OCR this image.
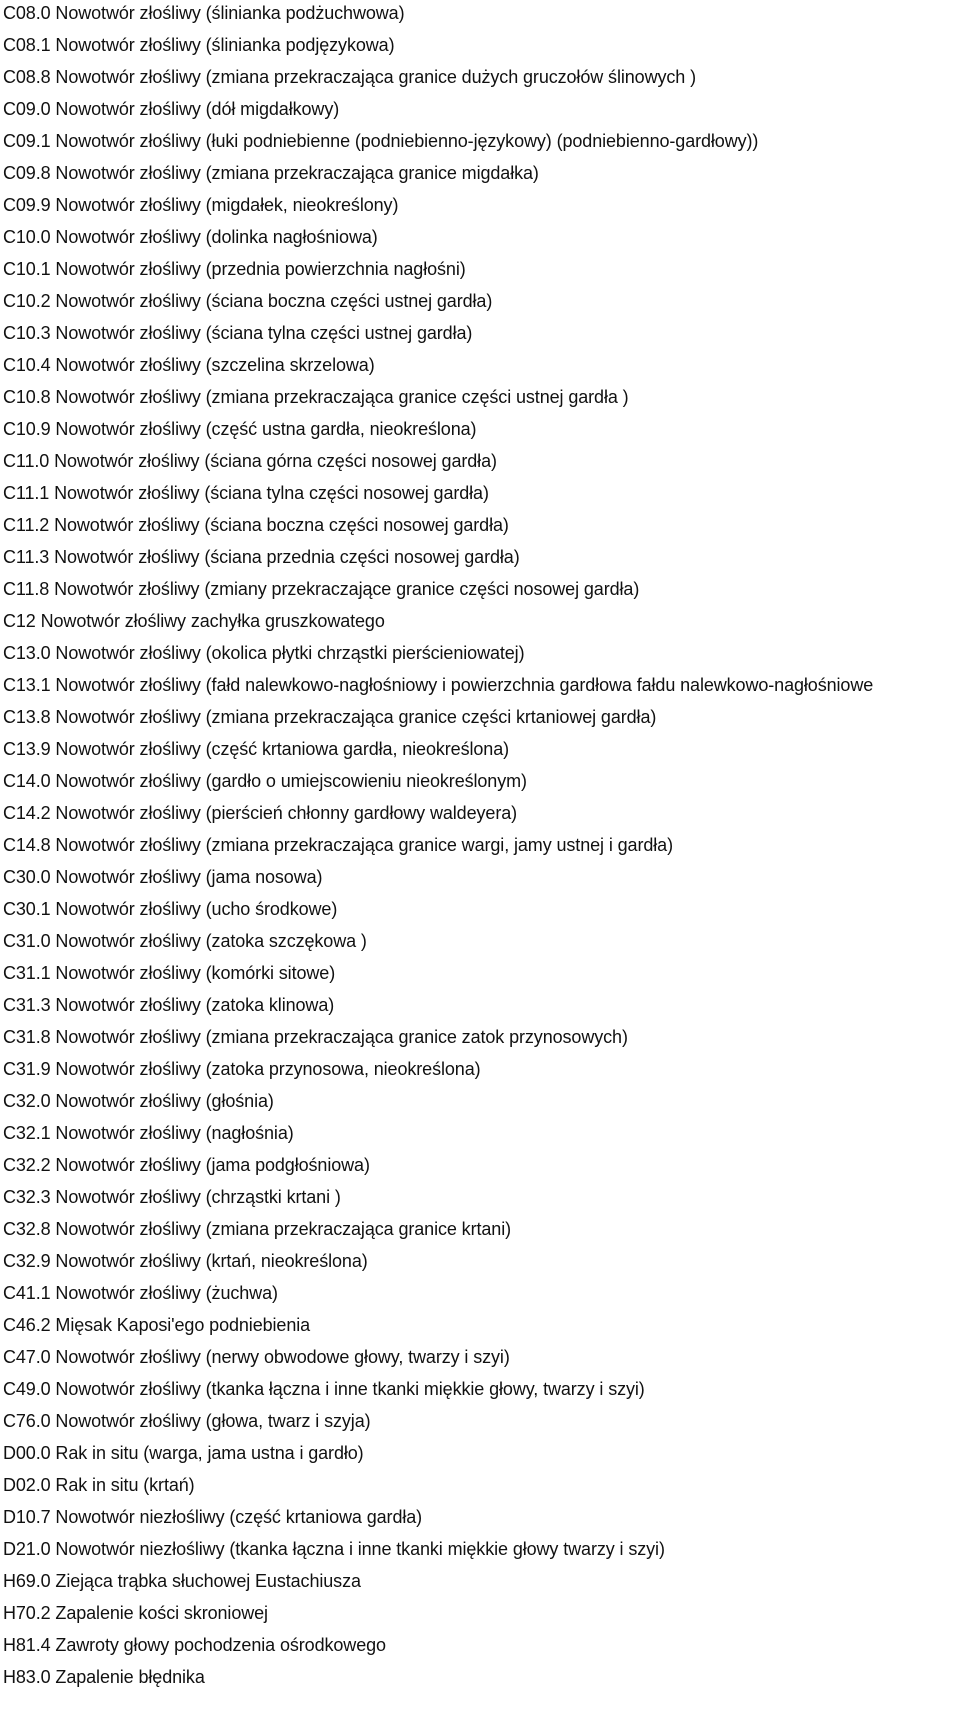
C08.0 Nowotwór złośliwy (ślinianka podżuchwowa)
C08.1 Nowotwór złośliwy (ślinianka podjęzykowa)
C08.8 Nowotwór złośliwy (zmiana przekraczająca granice dużych gruczołów ślinowych )
C09.0 Nowotwór złośliwy (dół migdałkowy)
C09.1 Nowotwór złośliwy (łuki podniebienne (podniebienno-językowy) (podniebienno-gardłowy))
C09.8 Nowotwór złośliwy (zmiana przekraczająca granice migdałka)
C09.9 Nowotwór złośliwy (migdałek, nieokreślony)
C10.0 Nowotwór złośliwy (dolinka nagłośniowa)
C10.1 Nowotwór złośliwy (przednia powierzchnia nagłośni)
C10.2 Nowotwór złośliwy (ściana boczna części ustnej gardła)
C10.3 Nowotwór złośliwy (ściana tylna części ustnej gardła)
C10.4 Nowotwór złośliwy (szczelina skrzelowa)
C10.8 Nowotwór złośliwy (zmiana przekraczająca granice części ustnej gardła )
C10.9 Nowotwór złośliwy (część ustna gardła, nieokreślona)
C11.0 Nowotwór złośliwy (ściana górna części nosowej gardła)
C11.1 Nowotwór złośliwy (ściana tylna części nosowej gardła)
C11.2 Nowotwór złośliwy (ściana boczna części nosowej gardła)
C11.3 Nowotwór złośliwy (ściana przednia części nosowej gardła)
C11.8 Nowotwór złośliwy (zmiany przekraczające granice części nosowej gardła)
C12 Nowotwór złośliwy zachyłka gruszkowatego
C13.0 Nowotwór złośliwy (okolica płytki chrząstki pierścieniowatej)
C13.1 Nowotwór złośliwy (fałd nalewkowo-nagłośniowy i powierzchnia gardłowa fałdu nalewkowo-nagłośniowe
C13.8 Nowotwór złośliwy (zmiana przekraczająca granice części krtaniowej gardła)
C13.9 Nowotwór złośliwy (część krtaniowa gardła, nieokreślona)
C14.0 Nowotwór złośliwy (gardło o umiejscowieniu nieokreślonym)
C14.2 Nowotwór złośliwy (pierścień chłonny gardłowy waldeyera)
C14.8 Nowotwór złośliwy (zmiana przekraczająca granice wargi, jamy ustnej i gardła)
C30.0 Nowotwór złośliwy (jama nosowa)
C30.1 Nowotwór złośliwy (ucho środkowe)
C31.0 Nowotwór złośliwy (zatoka szczękowa )
C31.1 Nowotwór złośliwy (komórki sitowe)
C31.3 Nowotwór złośliwy (zatoka klinowa)
C31.8 Nowotwór złośliwy (zmiana przekraczająca granice zatok przynosowych)
C31.9 Nowotwór złośliwy (zatoka przynosowa, nieokreślona)
C32.0 Nowotwór złośliwy (głośnia)
C32.1 Nowotwór złośliwy (nagłośnia)
C32.2 Nowotwór złośliwy (jama podgłośniowa)
C32.3 Nowotwór złośliwy (chrząstki krtani )
C32.8 Nowotwór złośliwy (zmiana przekraczająca granice krtani)
C32.9 Nowotwór złośliwy (krtań, nieokreślona)
C41.1 Nowotwór złośliwy (żuchwa)
C46.2 Mięsak Kaposi'ego podniebienia
C47.0 Nowotwór złośliwy (nerwy obwodowe głowy, twarzy i szyi)
C49.0 Nowotwór złośliwy (tkanka łączna i inne tkanki miękkie głowy, twarzy i szyi)
C76.0 Nowotwór złośliwy (głowa, twarz i szyja)
D00.0 Rak in situ (warga, jama ustna i gardło)
D02.0 Rak in situ (krtań)
D10.7 Nowotwór niezłośliwy (część krtaniowa gardła)
D21.0 Nowotwór niezłośliwy (tkanka łączna i inne tkanki miękkie głowy twarzy i szyi)
H69.0 Ziejąca trąbka słuchowej Eustachiusza
H70.2 Zapalenie kości skroniowej
H81.4 Zawroty głowy pochodzenia ośrodkowego
H83.0 Zapalenie błędnika
